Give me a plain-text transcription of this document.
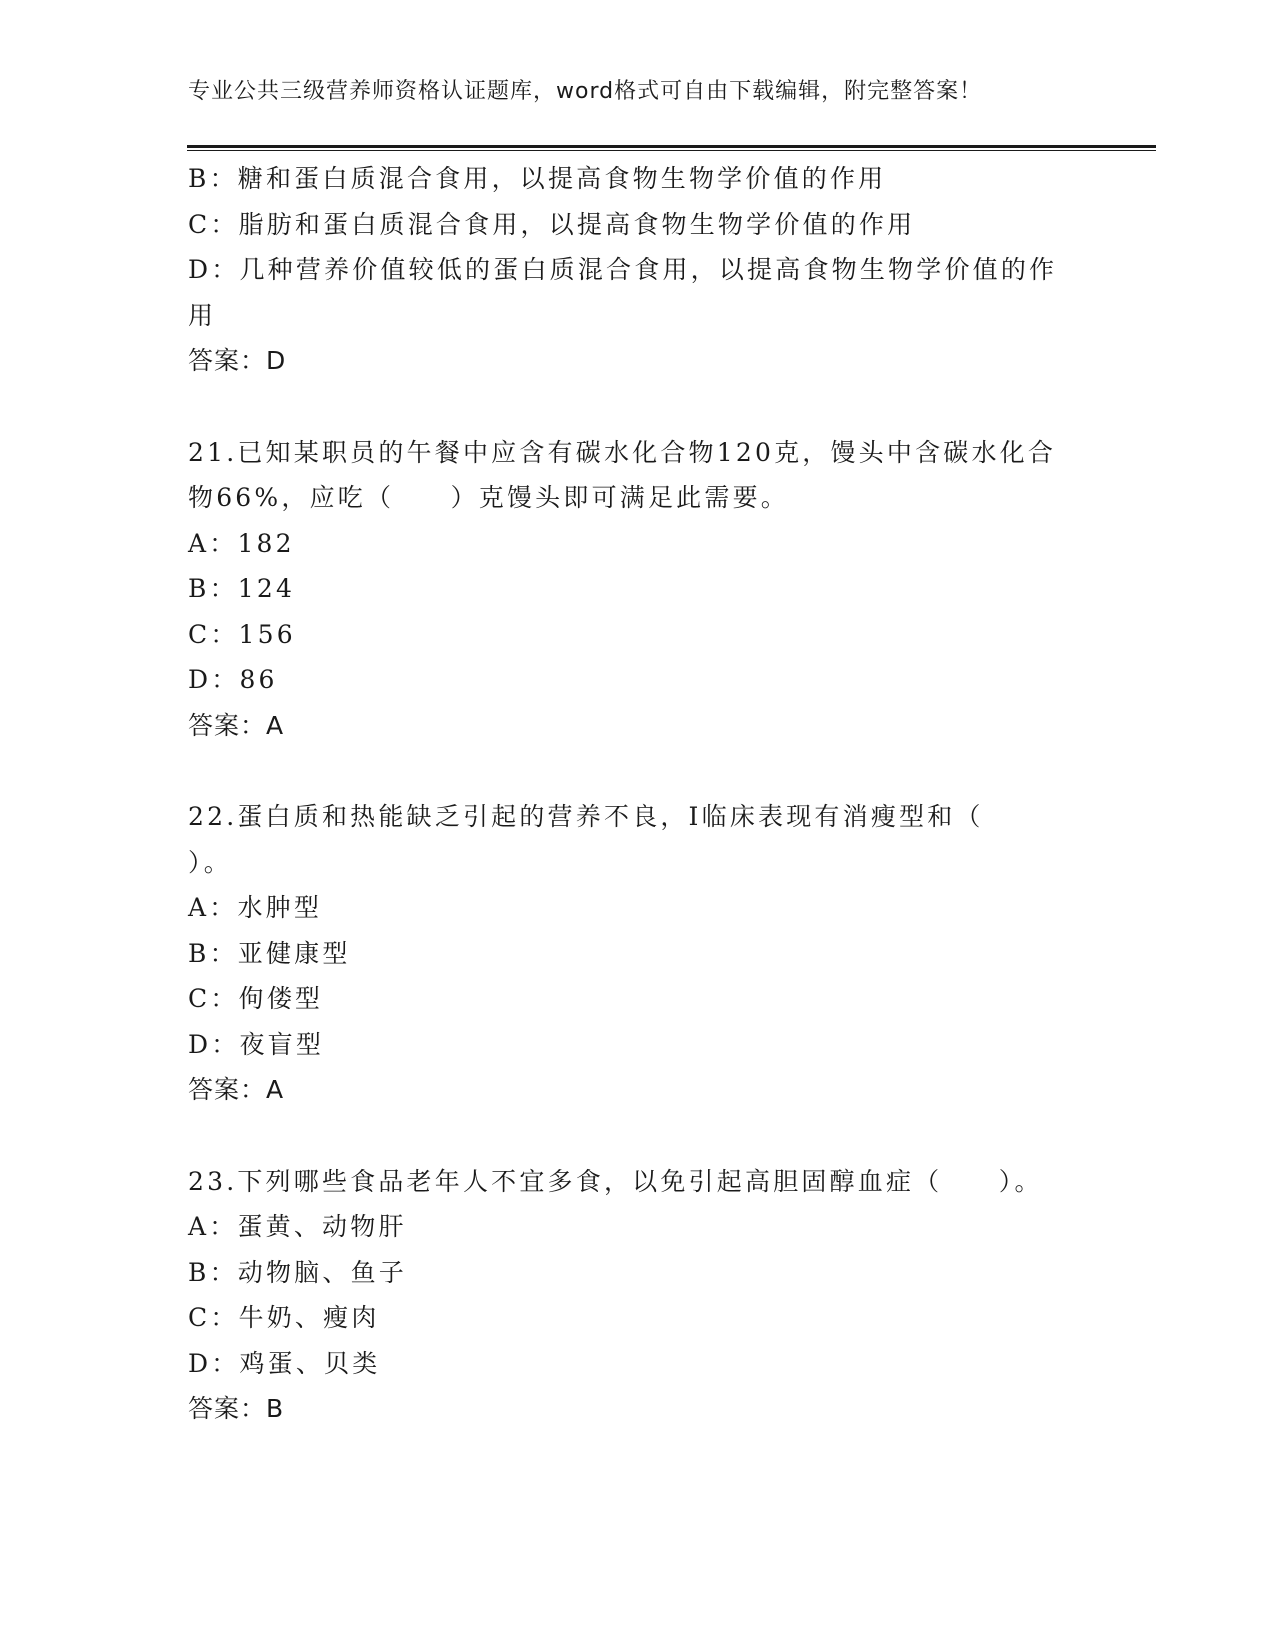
专业公共三级营养师资格认证题库，word格式可自由下载编辑，附完整答案！
B：糖和蛋白质混合食用，以提高食物生物学价值的作用
C：脂肪和蛋白质混合食用，以提高食物生物学价值的作用
D：几种营养价值较低的蛋白质混合食用，以提高食物生物学价值的作
用
答案：D
21.已知某职员的午餐中应含有碳水化合物120克，馒头中含碳水化合
物66%，应吃（　　）克馒头即可满足此需要。
A：182
B：124
C：156
D：86
答案：A
22.蛋白质和热能缺乏引起的营养不良，I临床表现有消瘦型和（
）。
A：水肿型
B：亚健康型
C：佝偻型
D：夜盲型
答案：A
23.下列哪些食品老年人不宜多食，以免引起高胆固醇血症（　　）。
A：蛋黄、动物肝
B：动物脑、鱼子
C：牛奶、瘦肉
D：鸡蛋、贝类
答案：B
